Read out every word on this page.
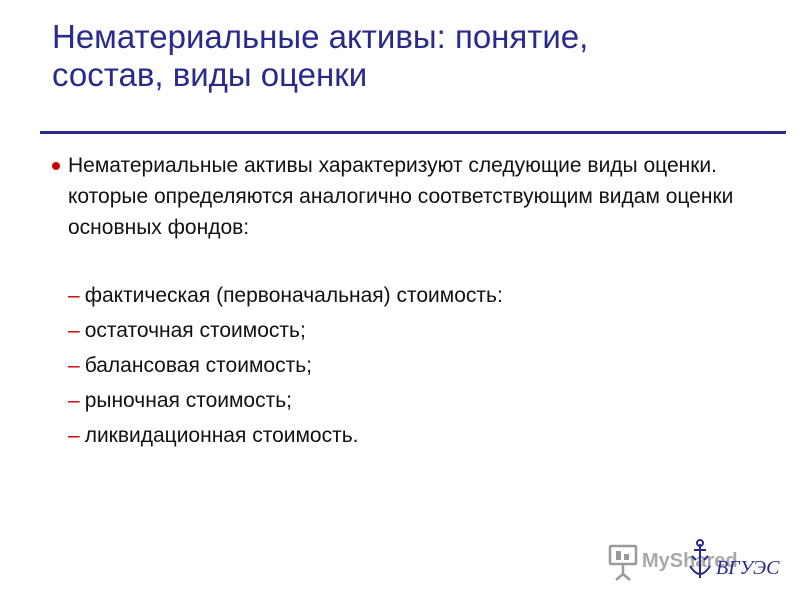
Нематериальные активы: понятие,
состав, виды оценки
Нематериальные активы характеризуют следующие виды оценки. которые определяются аналогично соответствующим видам оценки основных фондов:
– фактическая (первоначальная) стоимость:
– остаточная стоимость;
– балансовая стоимость;
– рыночная стоимость;
– ликвидационная стоимость.
MyShared
ВГУЭС
